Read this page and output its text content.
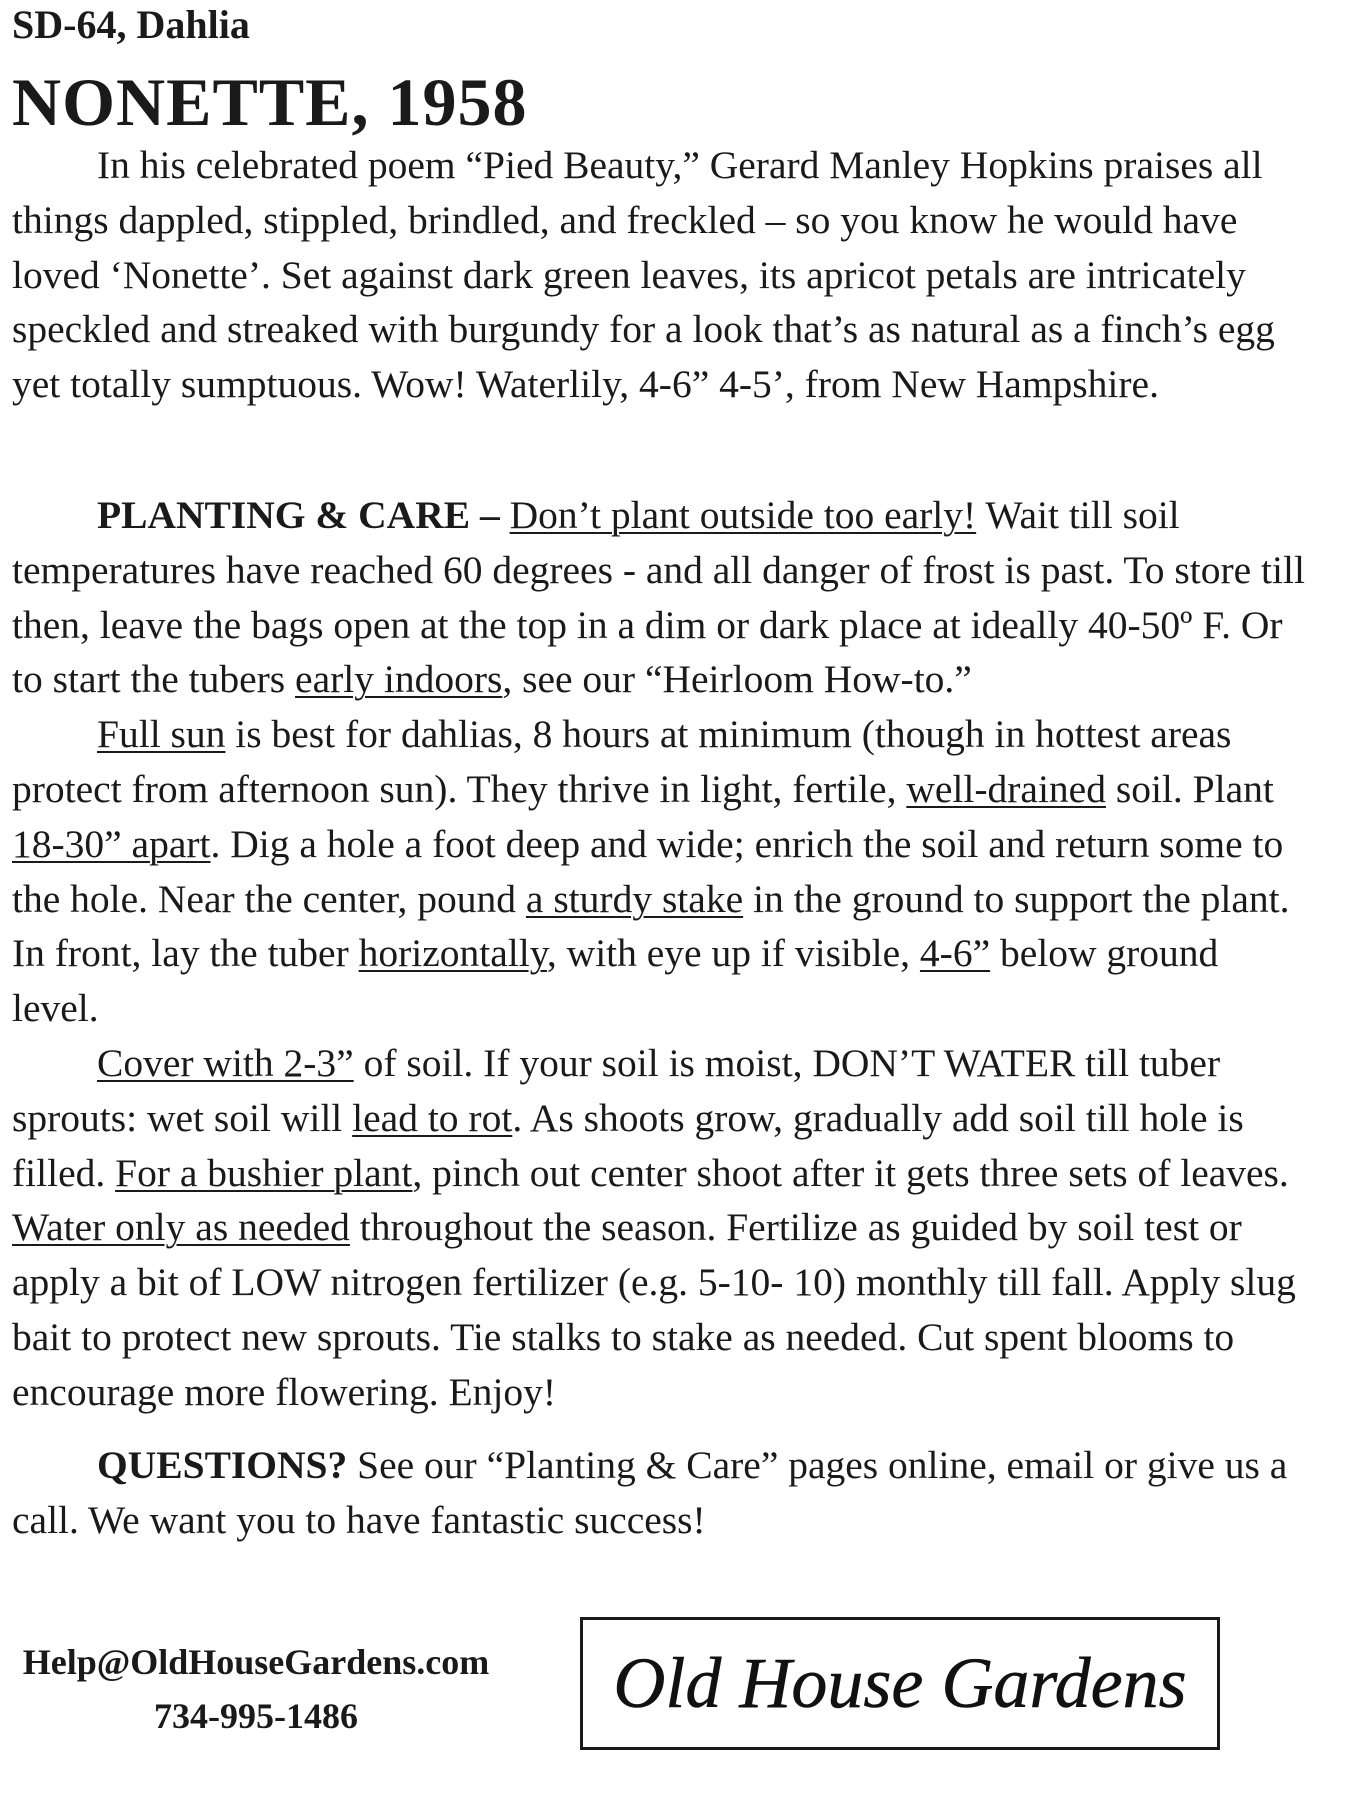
SD-64, Dahlia
NONETTE, 1958

In his celebrated poem “Pied Beauty,” Gerard Manley Hopkins praises all things dappled, stippled, brindled, and freckled – so you know he would have loved ‘Nonette’. Set against dark green leaves, its apricot petals are intricately speckled and streaked with burgundy for a look that’s as natural as a finch’s egg yet totally sumptuous. Wow! Waterlily, 4-6” 4-5’, from New Hampshire.

PLANTING & CARE – Don’t plant outside too early! Wait till soil temperatures have reached 60 degrees - and all danger of frost is past. To store till then, leave the bags open at the top in a dim or dark place at ideally 40-50º F. Or to start the tubers early indoors, see our “Heirloom How-to.”
Full sun is best for dahlias, 8 hours at minimum (though in hottest areas protect from afternoon sun). They thrive in light, fertile, well-drained soil. Plant 18-30” apart. Dig a hole a foot deep and wide; enrich the soil and return some to the hole. Near the center, pound a sturdy stake in the ground to support the plant. In front, lay the tuber horizontally, with eye up if visible, 4-6” below ground level.
Cover with 2-3” of soil. If your soil is moist, DON’T WATER till tuber sprouts: wet soil will lead to rot. As shoots grow, gradually add soil till hole is filled. For a bushier plant, pinch out center shoot after it gets three sets of leaves. Water only as needed throughout the season. Fertilize as guided by soil test or apply a bit of LOW nitrogen fertilizer (e.g. 5-10- 10) monthly till fall. Apply slug bait to protect new sprouts. Tie stalks to stake as needed. Cut spent blooms to encourage more flowering. Enjoy!

QUESTIONS? See our “Planting & Care” pages online, email or give us a call. We want you to have fantastic success!

Help@OldHouseGardens.com
734-995-1486	Old House Gardens
